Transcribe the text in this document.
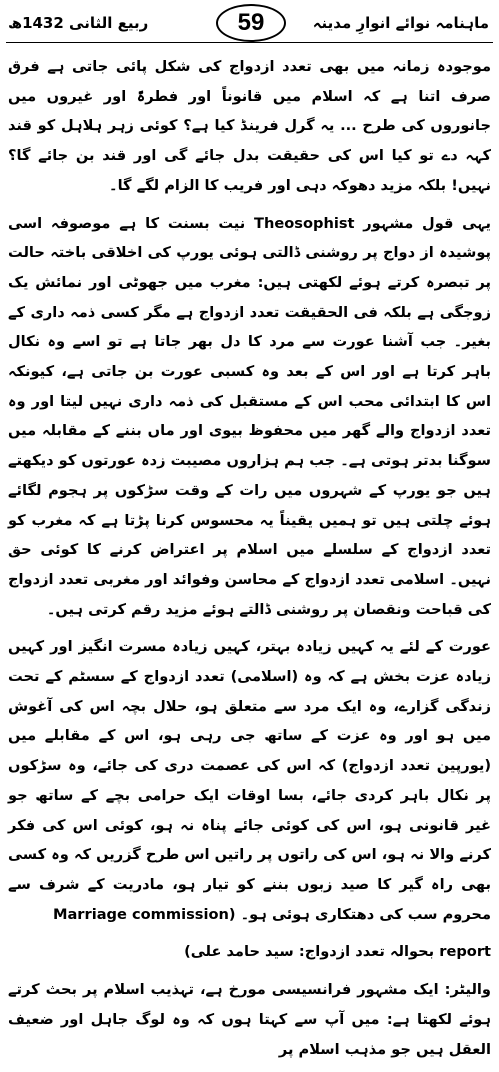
ربیع الثانی 1432ھ	59	ماہنامہ نوائے انوارِ مدینہ

موجودہ زمانہ میں بھی تعدد ازدواج کی شکل پائی جاتی ہے فرق صرف اتنا ہے کہ اسلام میں قانوناً اور فطرۃً اور غیروں میں جانوروں کی طرح ... یہ گرل فرینڈ کیا ہے؟ کوئی زہر ہلاہل کو قند کہہ دے تو کیا اس کی حقیقت بدل جائے گی اور قند بن جائے گا؟ نہیں! بلکہ مزید دھوکہ دہی اور فریب کا الزام لگے گا۔

یہی قول مشہور Theosophist نیت بسنت کا ہے موصوفہ اسی پوشیدہ از دواج پر روشنی ڈالتی ہوئی یورپ کی اخلاقی باختہ حالت پر تبصرہ کرتے ہوئے لکھتی ہیں: مغرب میں جھوٹی اور نمائش یک زوجگی ہے بلکہ فی الحقیقت تعدد ازدواج ہے مگر کسی ذمہ داری کے بغیر۔ جب آشنا عورت سے مرد کا دل بھر جاتا ہے تو اسے وہ نکال باہر کرتا ہے اور اس کے بعد وہ کسبی عورت بن جاتی ہے، کیونکہ اس کا ابتدائی محب اس کے مستقبل کی ذمہ داری نہیں لیتا اور وہ تعدد ازدواج والے گھر میں محفوظ بیوی اور ماں بننے کے مقابلہ میں سوگنا بدتر ہوتی ہے۔ جب ہم ہزاروں مصیبت زدہ عورتوں کو دیکھتے ہیں جو یورپ کے شہروں میں رات کے وقت سڑکوں پر ہجوم لگائے ہوئے چلتی ہیں تو ہمیں یقیناً یہ محسوس کرنا پڑتا ہے کہ مغرب کو تعدد ازدواج کے سلسلے میں اسلام پر اعتراض کرنے کا کوئی حق نہیں۔ اسلامی تعدد ازدواج کے محاسن وفوائد اور مغربی تعدد ازدواج کی قباحت ونقصان پر روشنی ڈالتے ہوئے مزید رقم کرتی ہیں۔

عورت کے لئے یہ کہیں زیادہ بہتر، کہیں زیادہ مسرت انگیز اور کہیں زیادہ عزت بخش ہے کہ وہ (اسلامی) تعدد ازدواج کے سسٹم کے تحت زندگی گزارے، وہ ایک مرد سے متعلق ہو، حلال بچہ اس کی آغوش میں ہو اور وہ عزت کے ساتھ جی رہی ہو، اس کے مقابلے میں (یورپین تعدد ازدواج) کہ اس کی عصمت دری کی جائے، وہ سڑکوں پر نکال باہر کردی جائے، بسا اوقات ایک حرامی بچے کے ساتھ جو غیر قانونی ہو، اس کی کوئی جائے پناہ نہ ہو، کوئی اس کی فکر کرنے والا نہ ہو، اس کی راتوں پر راتیں اس طرح گزریں کہ وہ کسی بھی راہ گیر کا صید زبوں بننے کو تیار ہو، مادریت کے شرف سے محروم سب کی دھتکاری ہوئی ہو۔ (Marriage commission

report بحوالہ تعدد ازدواج: سید حامد علی)

والیٹر: ایک مشہور فرانسیسی مورخ ہے، تہذیب اسلام پر بحث کرتے ہوئے لکھتا ہے: میں آپ سے کہتا ہوں کہ وہ لوگ جاہل اور ضعیف العقل ہیں جو مذہب اسلام پر
